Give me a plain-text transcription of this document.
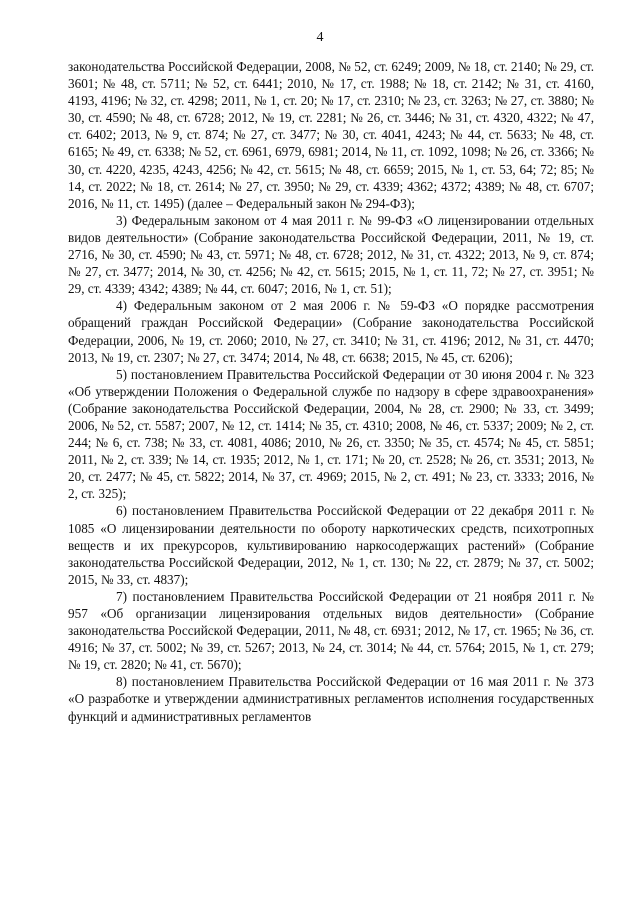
4

законодательства Российской Федерации, 2008, № 52, ст. 6249; 2009, № 18, ст. 2140; № 29, ст. 3601; № 48, ст. 5711; № 52, ст. 6441; 2010, № 17, ст. 1988; № 18, ст. 2142; № 31, ст. 4160, 4193, 4196; № 32, ст. 4298; 2011, № 1, ст. 20; № 17, ст. 2310; № 23, ст. 3263; № 27, ст. 3880; № 30, ст. 4590; № 48, ст. 6728; 2012, № 19, ст. 2281; № 26, ст. 3446; № 31, ст. 4320, 4322; № 47, ст. 6402; 2013, № 9, ст. 874; № 27, ст. 3477; № 30, ст. 4041, 4243; № 44, ст. 5633; № 48, ст. 6165; № 49, ст. 6338; № 52, ст. 6961, 6979, 6981; 2014, № 11, ст. 1092, 1098; № 26, ст. 3366; № 30, ст. 4220, 4235, 4243, 4256; № 42, ст. 5615; № 48, ст. 6659; 2015, № 1, ст. 53, 64; 72; 85; № 14, ст. 2022; № 18, ст. 2614; № 27, ст. 3950; № 29, ст. 4339; 4362; 4372; 4389; № 48, ст. 6707; 2016, № 11, ст. 1495) (далее – Федеральный закон № 294-ФЗ);

3) Федеральным законом от 4 мая 2011 г. № 99-ФЗ «О лицензировании отдельных видов деятельности» (Собрание законодательства Российской Федерации, 2011, № 19, ст. 2716, № 30, ст. 4590; № 43, ст. 5971; № 48, ст. 6728; 2012, № 31, ст. 4322; 2013, № 9, ст. 874; № 27, ст. 3477; 2014, № 30, ст. 4256; № 42, ст. 5615; 2015, № 1, ст. 11, 72; № 27, ст. 3951; № 29, ст. 4339; 4342; 4389; № 44, ст. 6047; 2016, № 1, ст. 51);

4) Федеральным законом от 2 мая 2006 г. № 59-ФЗ «О порядке рассмотрения обращений граждан Российской Федерации» (Собрание законодательства Российской Федерации, 2006, № 19, ст. 2060; 2010, № 27, ст. 3410; № 31, ст. 4196; 2012, № 31, ст. 4470; 2013, № 19, ст. 2307; № 27, ст. 3474; 2014, № 48, ст. 6638; 2015, № 45, ст. 6206);

5) постановлением Правительства Российской Федерации от 30 июня 2004 г. № 323 «Об утверждении Положения о Федеральной службе по надзору в сфере здравоохранения» (Собрание законодательства Российской Федерации, 2004, № 28, ст. 2900; № 33, ст. 3499; 2006, № 52, ст. 5587; 2007, № 12, ст. 1414; № 35, ст. 4310; 2008, № 46, ст. 5337; 2009; № 2, ст. 244; № 6, ст. 738; № 33, ст. 4081, 4086; 2010, № 26, ст. 3350; № 35, ст. 4574; № 45, ст. 5851; 2011, № 2, ст. 339; № 14, ст. 1935; 2012, № 1, ст. 171; № 20, ст. 2528; № 26, ст. 3531; 2013, № 20, ст. 2477; № 45, ст. 5822; 2014, № 37, ст. 4969; 2015, № 2, ст. 491; № 23, ст. 3333; 2016, № 2, ст. 325);

6) постановлением Правительства Российской Федерации от 22 декабря 2011 г. № 1085 «О лицензировании деятельности по обороту наркотических средств, психотропных веществ и их прекурсоров, культивированию наркосодержащих растений» (Собрание законодательства Российской Федерации, 2012, № 1, ст. 130; № 22, ст. 2879; № 37, ст. 5002; 2015, № 33, ст. 4837);

7) постановлением Правительства Российской Федерации от 21 ноября 2011 г. № 957 «Об организации лицензирования отдельных видов деятельности» (Собрание законодательства Российской Федерации, 2011, № 48, ст. 6931; 2012, № 17, ст. 1965; № 36, ст. 4916; № 37, ст. 5002; № 39, ст. 5267; 2013, № 24, ст. 3014; № 44, ст. 5764; 2015, № 1, ст. 279; № 19, ст. 2820; № 41, ст. 5670);

8) постановлением Правительства Российской Федерации от 16 мая 2011 г. № 373 «О разработке и утверждении административных регламентов исполнения государственных функций и административных регламентов
